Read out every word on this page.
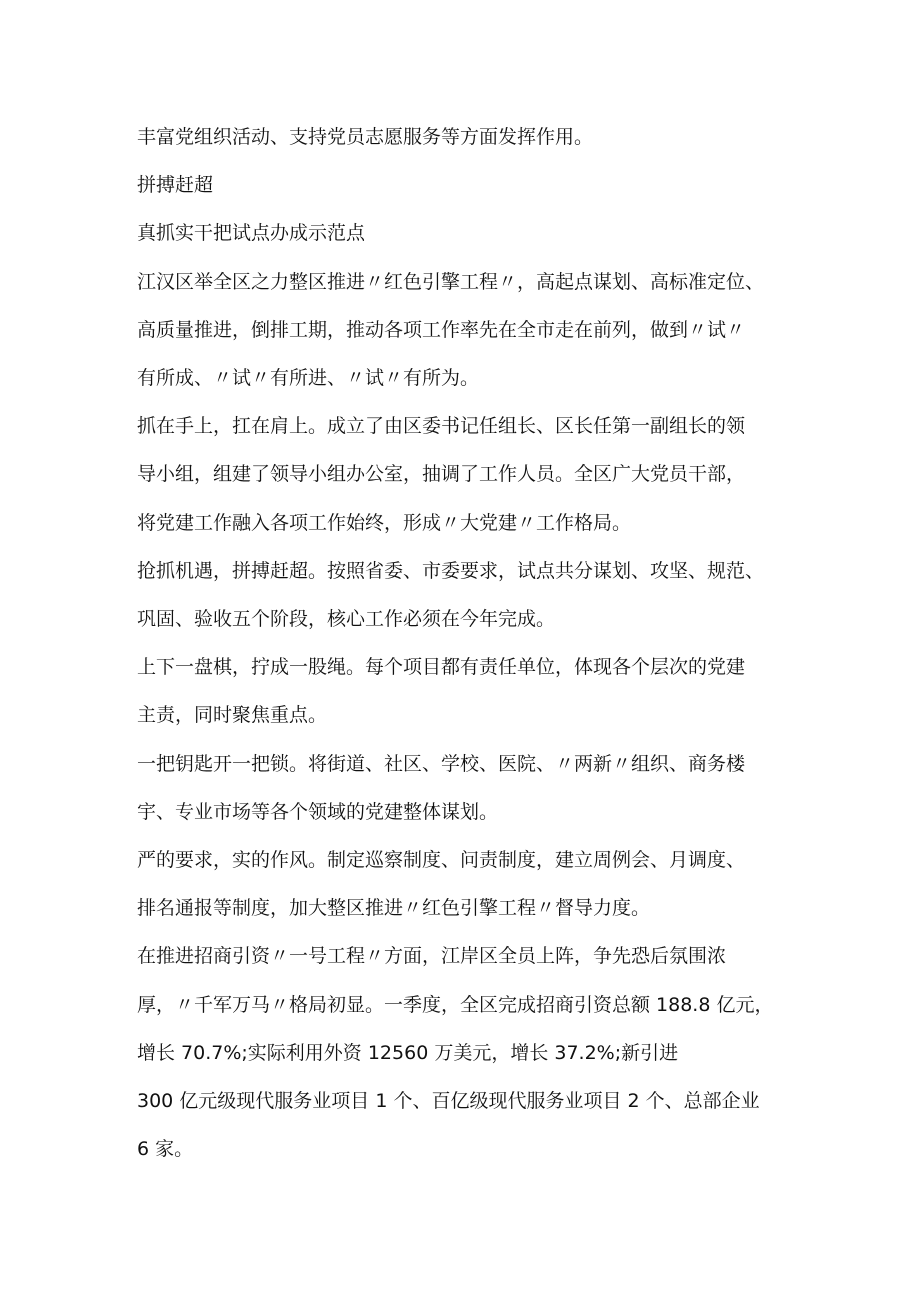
丰富党组织活动、支持党员志愿服务等方面发挥作用。

拼搏赶超

真抓实干把试点办成示范点

江汉区举全区之力整区推进〃红色引擎工程〃，高起点谋划、高标准定位、
高质量推进，倒排工期，推动各项工作率先在全市走在前列，做到〃试〃
有所成、〃试〃有所进、〃试〃有所为。

抓在手上，扛在肩上。成立了由区委书记任组长、区长任第一副组长的领
导小组，组建了领导小组办公室，抽调了工作人员。全区广大党员干部，
将党建工作融入各项工作始终，形成〃大党建〃工作格局。

抢抓机遇，拼搏赶超。按照省委、市委要求，试点共分谋划、攻坚、规范、
巩固、验收五个阶段，核心工作必须在今年完成。

上下一盘棋，拧成一股绳。每个项目都有责任单位，体现各个层次的党建
主责，同时聚焦重点。

一把钥匙开一把锁。将街道、社区、学校、医院、〃两新〃组织、商务楼
宇、专业市场等各个领域的党建整体谋划。

严的要求，实的作风。制定巡察制度、问责制度，建立周例会、月调度、
排名通报等制度，加大整区推进〃红色引擎工程〃督导力度。

在推进招商引资〃一号工程〃方面，江岸区全员上阵，争先恐后氛围浓
厚，〃千军万马〃格局初显。一季度，全区完成招商引资总额 188.8 亿元，
增长 70.7%;实际利用外资 12560 万美元，增长 37.2%;新引进
300 亿元级现代服务业项目 1 个、百亿级现代服务业项目 2 个、总部企业
6 家。
